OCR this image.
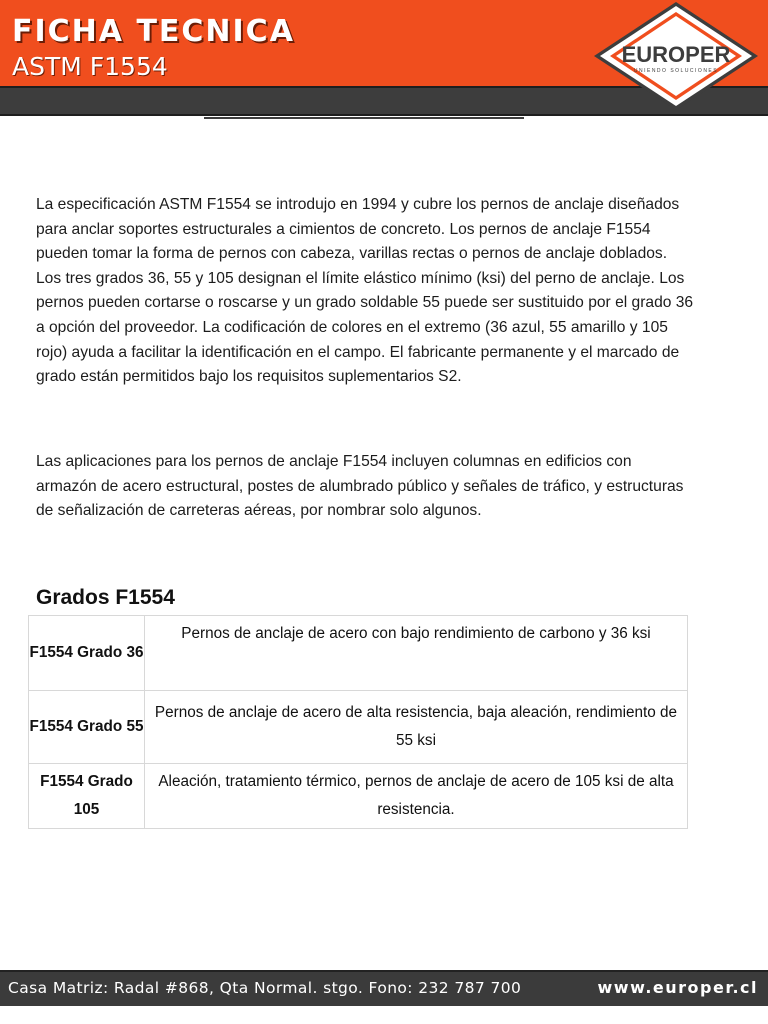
FICHA TECNICA
ASTM F1554	EUROPER
UNIENDO SOLUCIONES

La especificación ASTM F1554 se introdujo en 1994 y cubre los pernos de anclaje diseñados para anclar soportes estructurales a cimientos de concreto. Los pernos de anclaje F1554 pueden tomar la forma de pernos con cabeza, varillas rectas o pernos de anclaje doblados. Los tres grados 36, 55 y 105 designan el límite elástico mínimo (ksi) del perno de anclaje. Los pernos pueden cortarse o roscarse y un grado soldable 55 puede ser sustituido por el grado 36 a opción del proveedor. La codificación de colores en el extremo (36 azul, 55 amarillo y 105 rojo) ayuda a facilitar la identificación en el campo. El fabricante permanente y el marcado de grado están permitidos bajo los requisitos suplementarios S2.

Las aplicaciones para los pernos de anclaje F1554 incluyen columnas en edificios con armazón de acero estructural, postes de alumbrado público y señales de tráfico, y estructuras de señalización de carreteras aéreas, por nombrar solo algunos.

Grados F1554
F1554 Grado 36	Pernos de anclaje de acero con bajo rendimiento de carbono y 36 ksi
F1554 Grado 55	Pernos de anclaje de acero de alta resistencia, baja aleación, rendimiento de 55 ksi
F1554 Grado 105	Aleación, tratamiento térmico, pernos de anclaje de acero de 105 ksi de alta resistencia.
Casa Matriz: Radal #868, Qta Normal. stgo. Fono: 232 787 700	www.europer.cl
